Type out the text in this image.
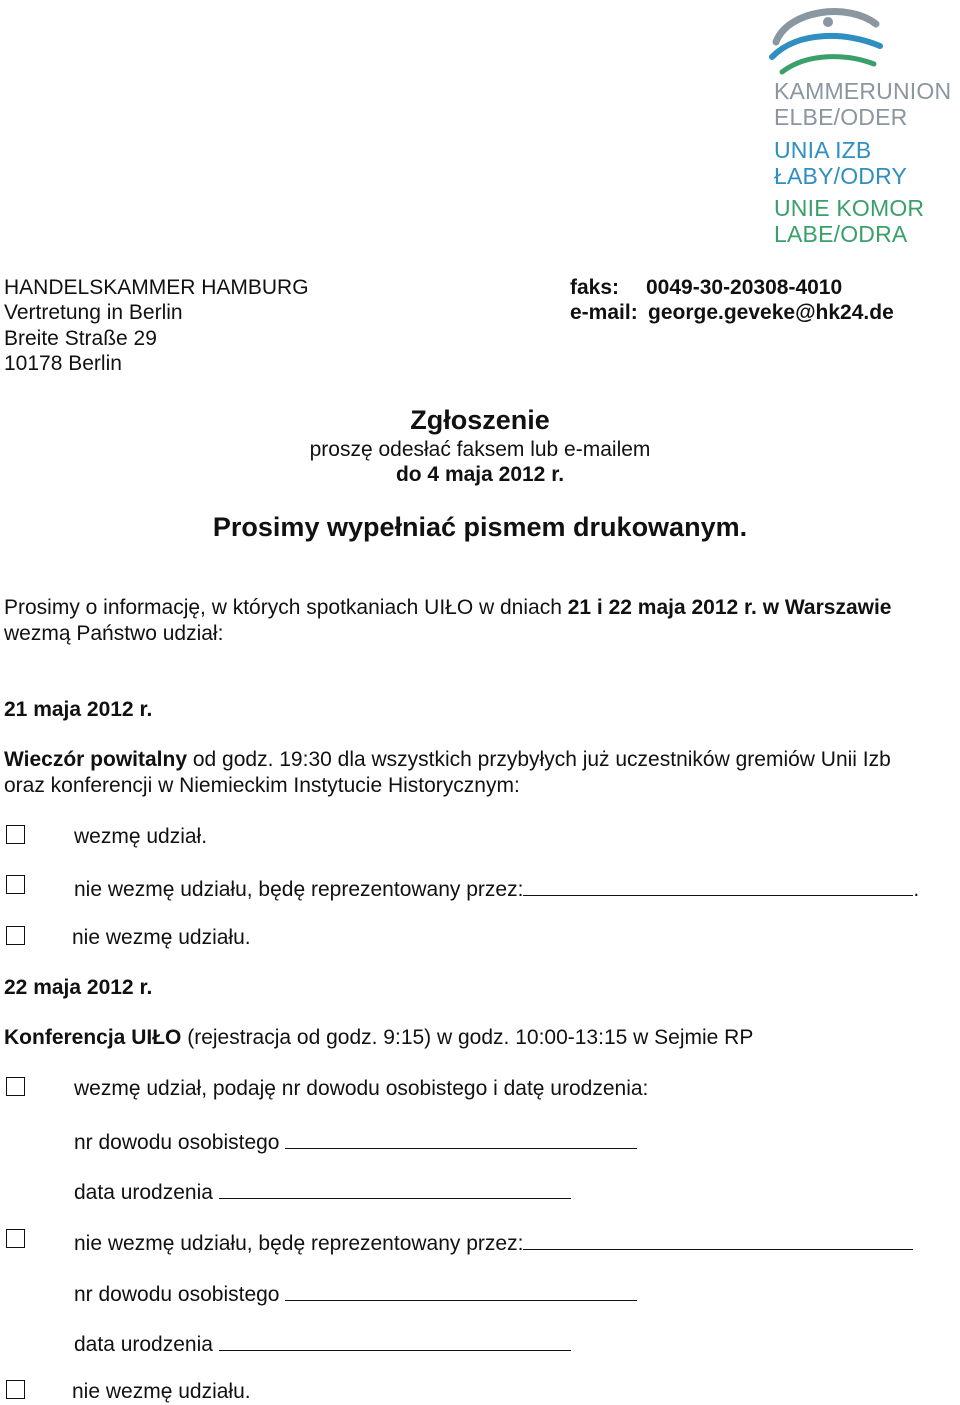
KAMMERUNION
ELBE/ODER
UNIA IZB
ŁABY/ODRY
UNIE KOMOR
LABE/ODRA
HANDELSKAMMER HAMBURG
Vertretung in Berlin
Breite Straße 29
10178 Berlin
faks: 0049-30-20308-4010
e-mail: george.geveke@hk24.de
Zgłoszenie
proszę odesłać faksem lub e-mailem
do 4 maja 2012 r.
Prosimy wypełniać pismem drukowanym.
Prosimy o informację, w których spotkaniach UIŁO w dniach 21 i 22 maja 2012 r. w Warszawie
wezmą Państwo udział:
21 maja 2012 r.
Wieczór powitalny od godz. 19:30 dla wszystkich przybyłych już uczestników gremiów Unii Izb
oraz konferencji w Niemieckim Instytucie Historycznym:
wezmę udział.
nie wezmę udziału, będę reprezentowany przez:	.
nie wezmę udziału.
22 maja 2012 r.
Konferencja UIŁO (rejestracja od godz. 9:15) w godz. 10:00-13:15 w Sejmie RP
wezmę udział, podaję nr dowodu osobistego i datę urodzenia:
nr dowodu osobistego
data urodzenia
nie wezmę udziału, będę reprezentowany przez:
nr dowodu osobistego
data urodzenia
nie wezmę udziału.
